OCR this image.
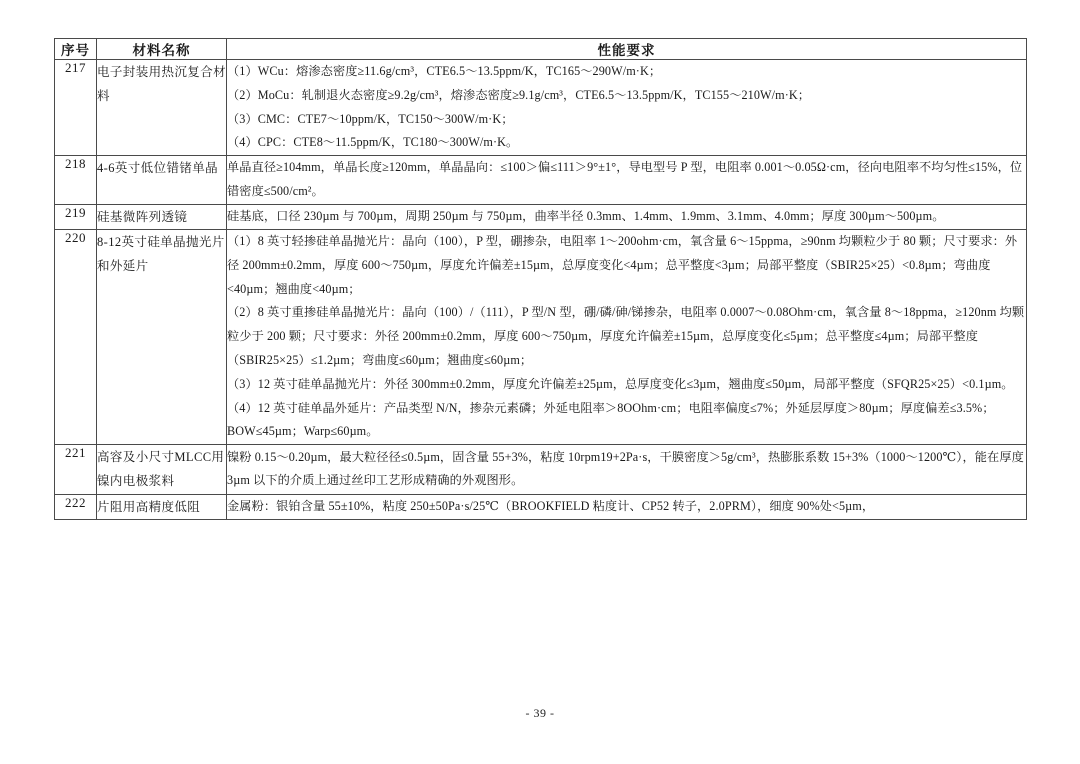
序号	材料名称	性能要求
217	电子封装用热沉复合材料	（1）WCu：熔渗态密度≥11.6g/cm³，CTE6.5～13.5ppm/K，TC165～290W/m·K；
（2）MoCu：轧制退火态密度≥9.2g/cm³，熔渗态密度≥9.1g/cm³，CTE6.5～13.5ppm/K，TC155～210W/m·K；
（3）CMC：CTE7～10ppm/K，TC150～300W/m·K；
（4）CPC：CTE8～11.5ppm/K，TC180～300W/m·K。

218	4-6英寸低位错锗单晶	单晶直径≥104mm，单晶长度≥120mm，单晶晶向：≤100＞偏≤111＞9°±1°，导电型号 P 型，电阻率 0.001～0.05Ω·cm，径向电阻率不均匀性≤15%，位错密度≤500/cm²。

219	硅基微阵列透镜	硅基底，口径 230µm 与 700µm，周期 250µm 与 750µm，曲率半径 0.3mm、1.4mm、1.9mm、3.1mm、4.0mm；厚度 300µm～500µm。

220	8-12英寸硅单晶抛光片和外延片	（1）8 英寸轻掺硅单晶抛光片：晶向（100），P 型，硼掺杂，电阻率 1～200ohm·cm，氧含量 6～15ppma，≥90nm 均颗粒少于 80 颗；尺寸要求：外径 200mm±0.2mm，厚度 600～750µm，厚度允许偏差±15µm，总厚度变化<4µm；总平整度<3µm；局部平整度（SBIR25×25）<0.8µm；弯曲度<40µm；翘曲度<40µm；
（2）8 英寸重掺硅单晶抛光片：晶向（100）/（111），P 型/N 型，硼/磷/砷/锑掺杂，电阻率 0.0007～0.08Ohm·cm，氧含量 8～18ppma，≥120nm 均颗粒少于 200 颗；尺寸要求：外径 200mm±0.2mm，厚度 600～750µm，厚度允许偏差±15µm，总厚度变化≤5µm；总平整度≤4µm；局部平整度（SBIR25×25）≤1.2µm；弯曲度≤60µm；翘曲度≤60µm；
（3）12 英寸硅单晶抛光片：外径 300mm±0.2mm，厚度允许偏差±25µm，总厚度变化≤3µm，翘曲度≤50µm，局部平整度（SFQR25×25）<0.1µm。
（4）12 英寸硅单晶外延片：产品类型 N/N，掺杂元素磷；外延电阻率＞8OOhm·cm；电阻率偏度≤7%；外延层厚度＞80µm；厚度偏差≤3.5%；BOW≤45µm；Warp≤60µm。

221	高容及小尺寸MLCC用镍内电极浆料	镍粉 0.15～0.20µm，最大粒径径≤0.5µm，固含量 55+3%，粘度 10rpm19+2Pa·s，干膜密度＞5g/cm³，热膨胀系数 15+3%（1000～1200℃），能在厚度 3µm 以下的介质上通过丝印工艺形成精确的外观图形。

222	片阻用高精度低阻	金属粉：银铂含量 55±10%，粘度 250±50Pa·s/25℃（BROOKFIELD 粘度计、CP52 转子，2.0PRM），细度 90%处<5µm，
- 39 -
